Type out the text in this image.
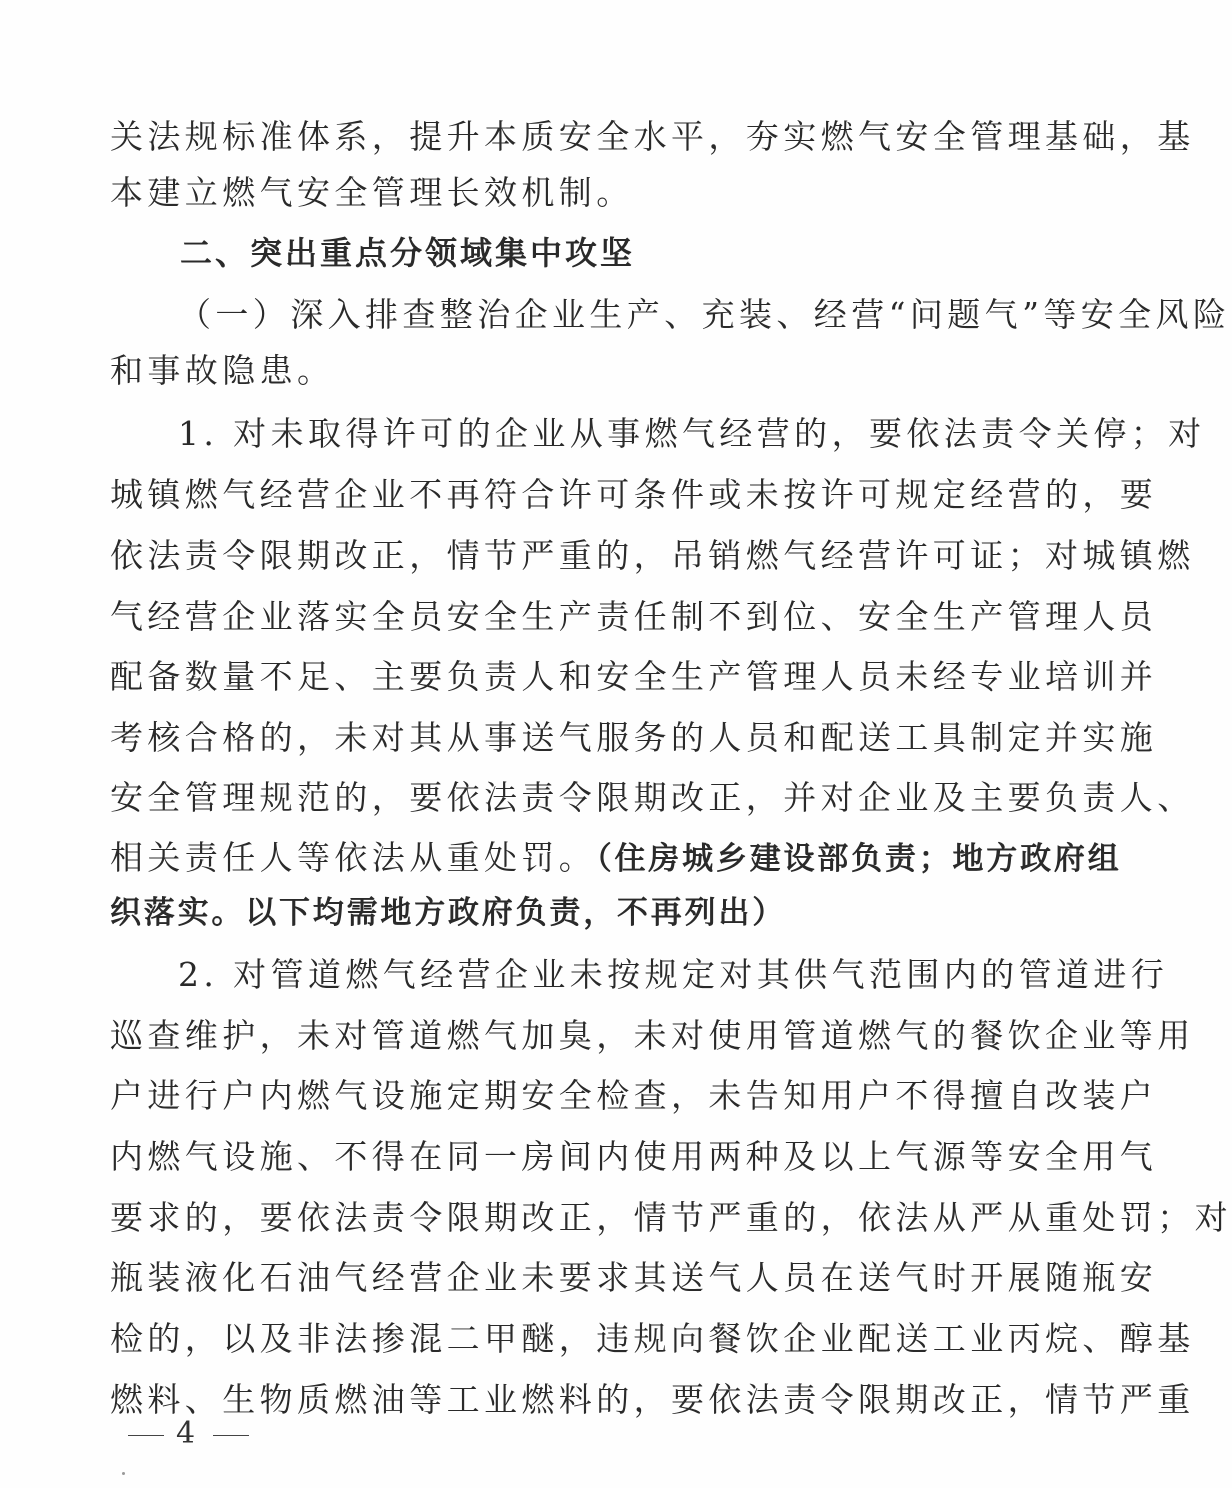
关法规标准体系，提升本质安全水平，夯实燃气安全管理基础，基
本建立燃气安全管理长效机制。
二、突出重点分领域集中攻坚
（一）深入排查整治企业生产、充装、经营“问题气”等安全风险
和事故隐患。
1. 对未取得许可的企业从事燃气经营的，要依法责令关停；对
城镇燃气经营企业不再符合许可条件或未按许可规定经营的，要
依法责令限期改正，情节严重的，吊销燃气经营许可证；对城镇燃
气经营企业落实全员安全生产责任制不到位、安全生产管理人员
配备数量不足、主要负责人和安全生产管理人员未经专业培训并
考核合格的，未对其从事送气服务的人员和配送工具制定并实施
安全管理规范的，要依法责令限期改正，并对企业及主要负责人、
相关责任人等依法从重处罚。（住房城乡建设部负责；地方政府组
织落实。以下均需地方政府负责，不再列出）
2. 对管道燃气经营企业未按规定对其供气范围内的管道进行
巡查维护，未对管道燃气加臭，未对使用管道燃气的餐饮企业等用
户进行户内燃气设施定期安全检查，未告知用户不得擅自改装户
内燃气设施、不得在同一房间内使用两种及以上气源等安全用气
要求的，要依法责令限期改正，情节严重的，依法从严从重处罚；对
瓶装液化石油气经营企业未要求其送气人员在送气时开展随瓶安
检的，以及非法掺混二甲醚，违规向餐饮企业配送工业丙烷、醇基
燃料、生物质燃油等工业燃料的，要依法责令限期改正，情节严重
4
